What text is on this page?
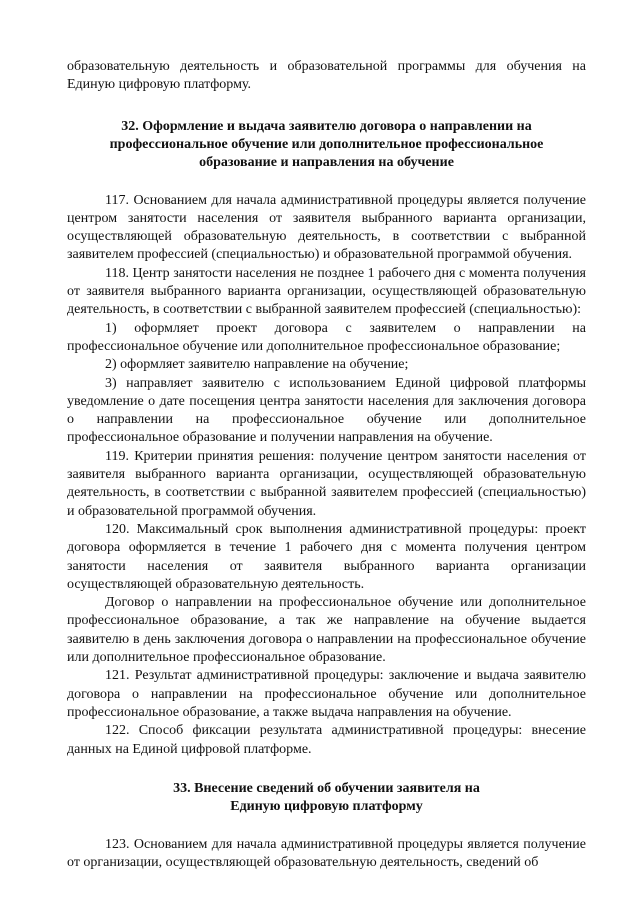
образовательную деятельность и образовательной программы для обучения на Единую цифровую платформу.

32. Оформление и выдача заявителю договора о направлении на
профессиональное обучение или дополнительное профессиональное
образование и направления на обучение

117. Основанием для начала административной процедуры является получение центром занятости населения от заявителя выбранного варианта организации, осуществляющей образовательную деятельность, в соответствии с выбранной заявителем профессией (специальностью) и образовательной программой обучения.

118. Центр занятости населения не позднее 1 рабочего дня с момента получения от заявителя выбранного варианта организации, осуществляющей образовательную деятельность, в соответствии с выбранной заявителем профессией (специальностью):

1) оформляет проект договора с заявителем о направлении на профессиональное обучение или дополнительное профессиональное образование;

2) оформляет заявителю направление на обучение;

3) направляет заявителю с использованием Единой цифровой платформы уведомление о дате посещения центра занятости населения для заключения договора о направлении на профессиональное обучение или дополнительное профессиональное образование и получении направления на обучение.

119. Критерии принятия решения: получение центром занятости населения от заявителя выбранного варианта организации, осуществляющей образовательную деятельность, в соответствии с выбранной заявителем профессией (специальностью) и образовательной программой обучения.

120. Максимальный срок выполнения административной процедуры: проект договора оформляется в течение 1 рабочего дня с момента получения центром занятости населения от заявителя выбранного варианта организации осуществляющей образовательную деятельность.

Договор о направлении на профессиональное обучение или дополнительное профессиональное образование, а так же направление на обучение выдается заявителю в день заключения договора о направлении на профессиональное обучение или дополнительное профессиональное образование.

121. Результат административной процедуры: заключение и выдача заявителю договора о направлении на профессиональное обучение или дополнительное профессиональное образование, а также выдача направления на обучение.

122. Способ фиксации результата административной процедуры: внесение данных на Единой цифровой платформе.

33. Внесение сведений об обучении заявителя на
Единую цифровую платформу

123. Основанием для начала административной процедуры является получение от организации, осуществляющей образовательную деятельность, сведений об
